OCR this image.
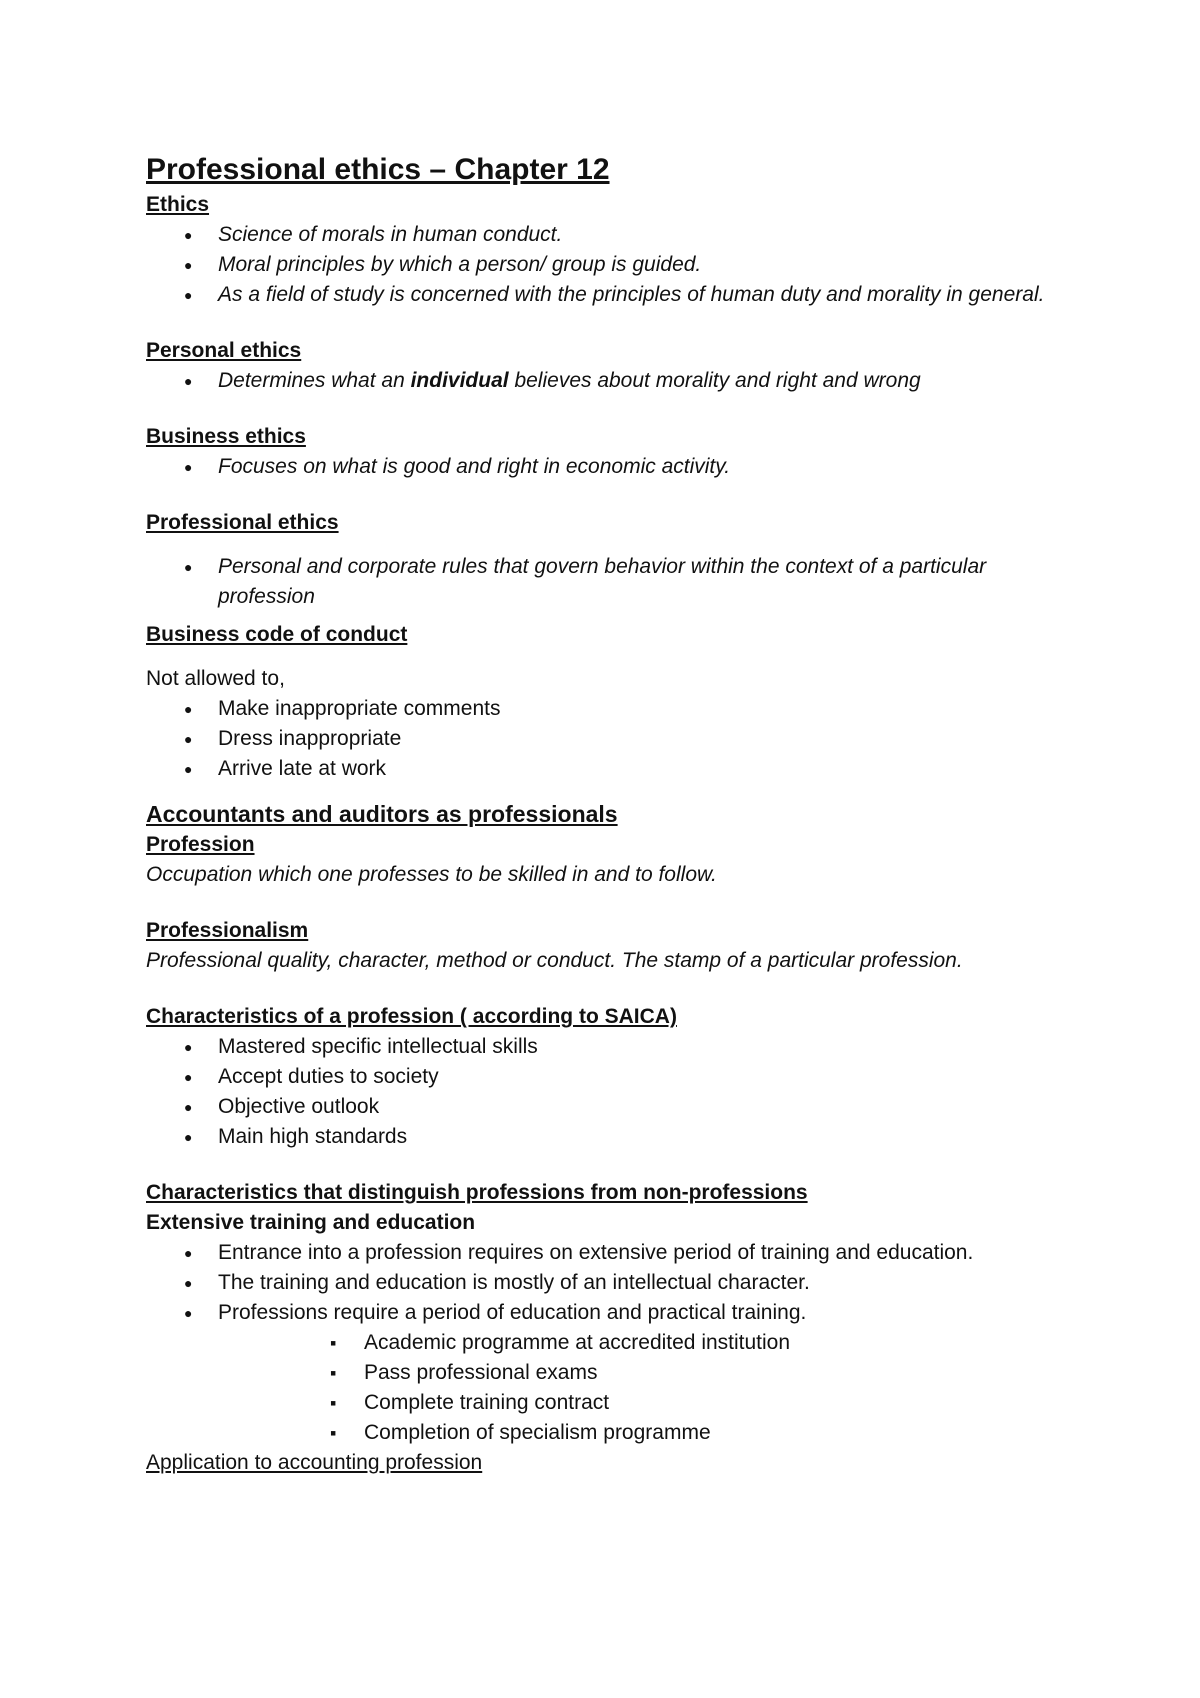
Professional ethics – Chapter 12

Ethics

● Science of morals in human conduct.
● Moral principles by which a person/ group is guided.
● As a field of study is concerned with the principles of human duty and morality in general.

Personal ethics

● Determines what an individual believes about morality and right and wrong

Business ethics

● Focuses on what is good and right in economic activity.

Professional ethics

● Personal and corporate rules that govern behavior within the context of a particular profession

Business code of conduct

Not allowed to,

● Make inappropriate comments
● Dress inappropriate
● Arrive late at work
Accountants and auditors as professionals

Profession

Occupation which one professes to be skilled in and to follow.

Professionalism

Professional quality, character, method or conduct. The stamp of a particular profession.

Characteristics of a profession ( according to SAICA)

● Mastered specific intellectual skills
● Accept duties to society
● Objective outlook
● Main high standards

Characteristics that distinguish professions from non-professions

Extensive training and education

● Entrance into a profession requires on extensive period of training and education.
● The training and education is mostly of an intellectual character.
● Professions require a period of education and practical training.
▪ Academic programme at accredited institution
▪ Pass professional exams
▪ Complete training contract
▪ Completion of specialism programme

Application to accounting profession
